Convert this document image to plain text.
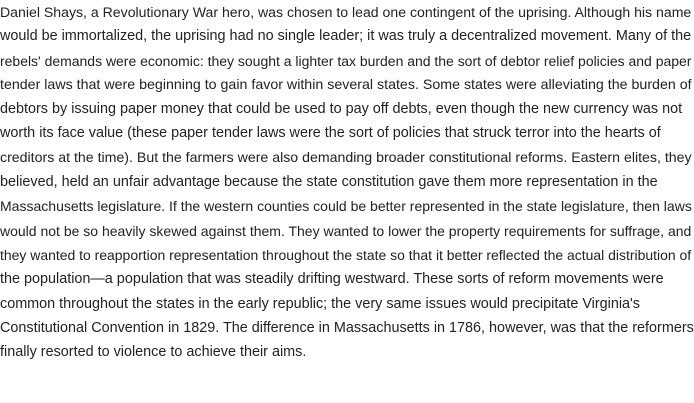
Daniel Shays, a Revolutionary War hero, was chosen to lead one contingent of the uprising. Although his name
would be immortalized, the uprising had no single leader; it was truly a decentralized movement. Many of the
rebels' demands were economic: they sought a lighter tax burden and the sort of debtor relief policies and paper
tender laws that were beginning to gain favor within several states. Some states were alleviating the burden of
debtors by issuing paper money that could be used to pay off debts, even though the new currency was not
worth its face value (these paper tender laws were the sort of policies that struck terror into the hearts of
creditors at the time). But the farmers were also demanding broader constitutional reforms. Eastern elites, they
believed, held an unfair advantage because the state constitution gave them more representation in the
Massachusetts legislature. If the western counties could be better represented in the state legislature, then laws
would not be so heavily skewed against them. They wanted to lower the property requirements for suffrage, and
they wanted to reapportion representation throughout the state so that it better reflected the actual distribution of
the population—a population that was steadily drifting westward. These sorts of reform movements were
common throughout the states in the early republic; the very same issues would precipitate Virginia's
Constitutional Convention in 1829. The difference in Massachusetts in 1786, however, was that the reformers
finally resorted to violence to achieve their aims.
